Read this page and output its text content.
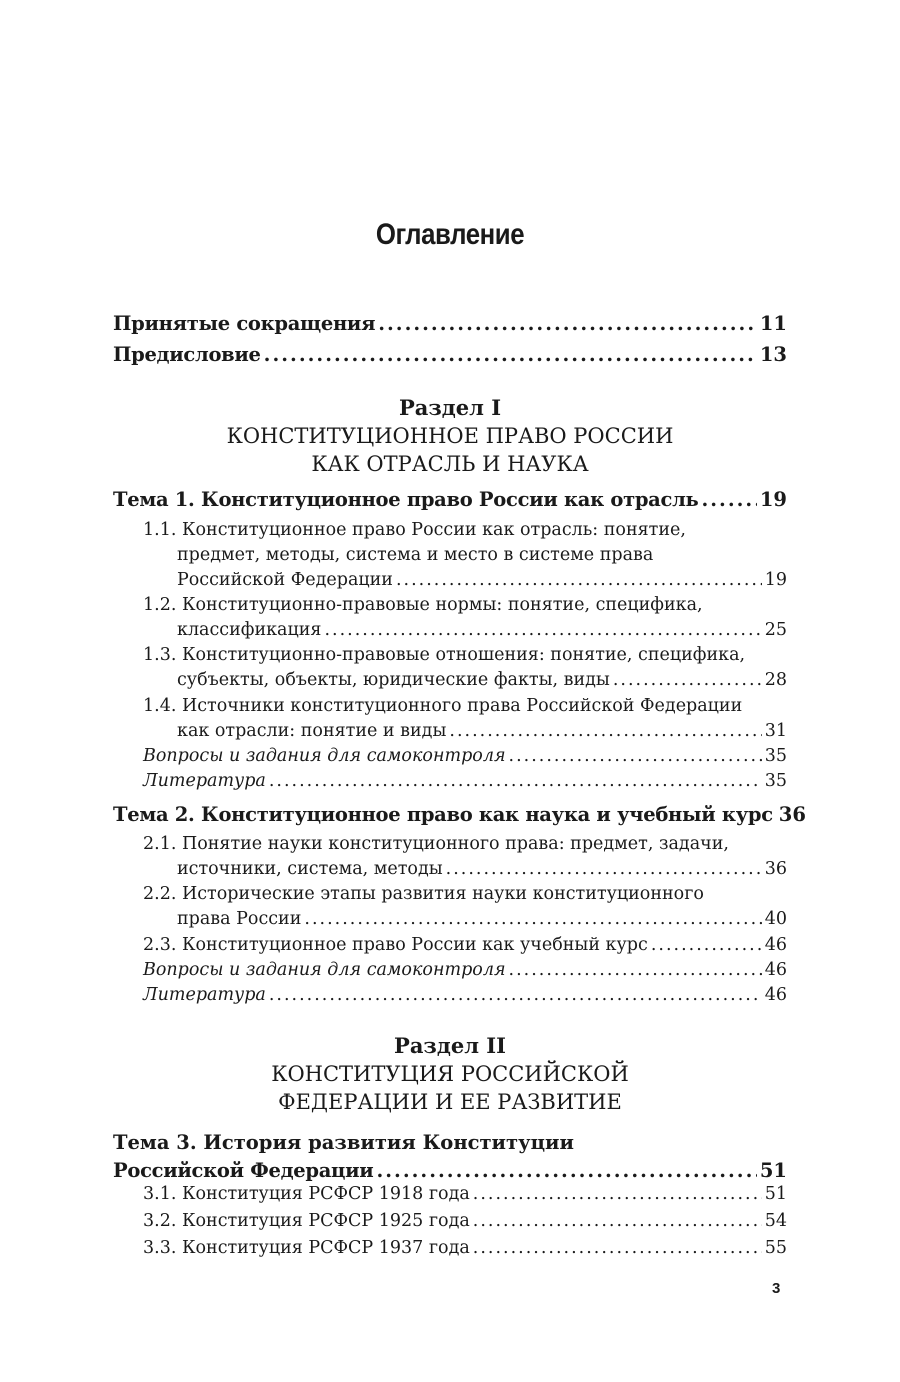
Оглавление
Принятые сокращения .....	11
Предисловие .....	13
Тема 1. Конституционное право России как отрасль .....	19
1.1. Конституционное право России как отрасль: понятие,
предмет, методы, система и место в системе права
Российской Федерации .....	19
1.2. Конституционно-правовые нормы: понятие, специфика,
классификация .....	25
1.3. Конституционно-правовые отношения: понятие, специфика,
субъекты, объекты, юридические факты, виды .....	28
1.4. Источники конституционного права Российской Федерации
как отрасли: понятие и виды .....	31
Вопросы и задания для самоконтроля .....	35
Литература .....	35
Тема 2. Конституционное право как наука и учебный курс 36
2.1. Понятие науки конституционного права: предмет, задачи,
источники, система, методы .....	36
2.2. Исторические этапы развития науки конституционного
права России .....	40
2.3. Конституционное право России как учебный курс .....	46
Вопросы и задания для самоконтроля .....	46
Литература .....	46
Тема 3. История развития Конституции
Российской Федерации .....	51
3.1. Конституция РСФСР 1918 года .....	51
3.2. Конституция РСФСР 1925 года .....	54
3.3. Конституция РСФСР 1937 года .....	55
Раздел I
КОНСТИТУЦИОННОЕ ПРАВО РОССИИ
КАК ОТРАСЛЬ И НАУКА
Раздел II
КОНСТИТУЦИЯ РОССИЙСКОЙ
ФЕДЕРАЦИИ И ЕЕ РАЗВИТИЕ
3
